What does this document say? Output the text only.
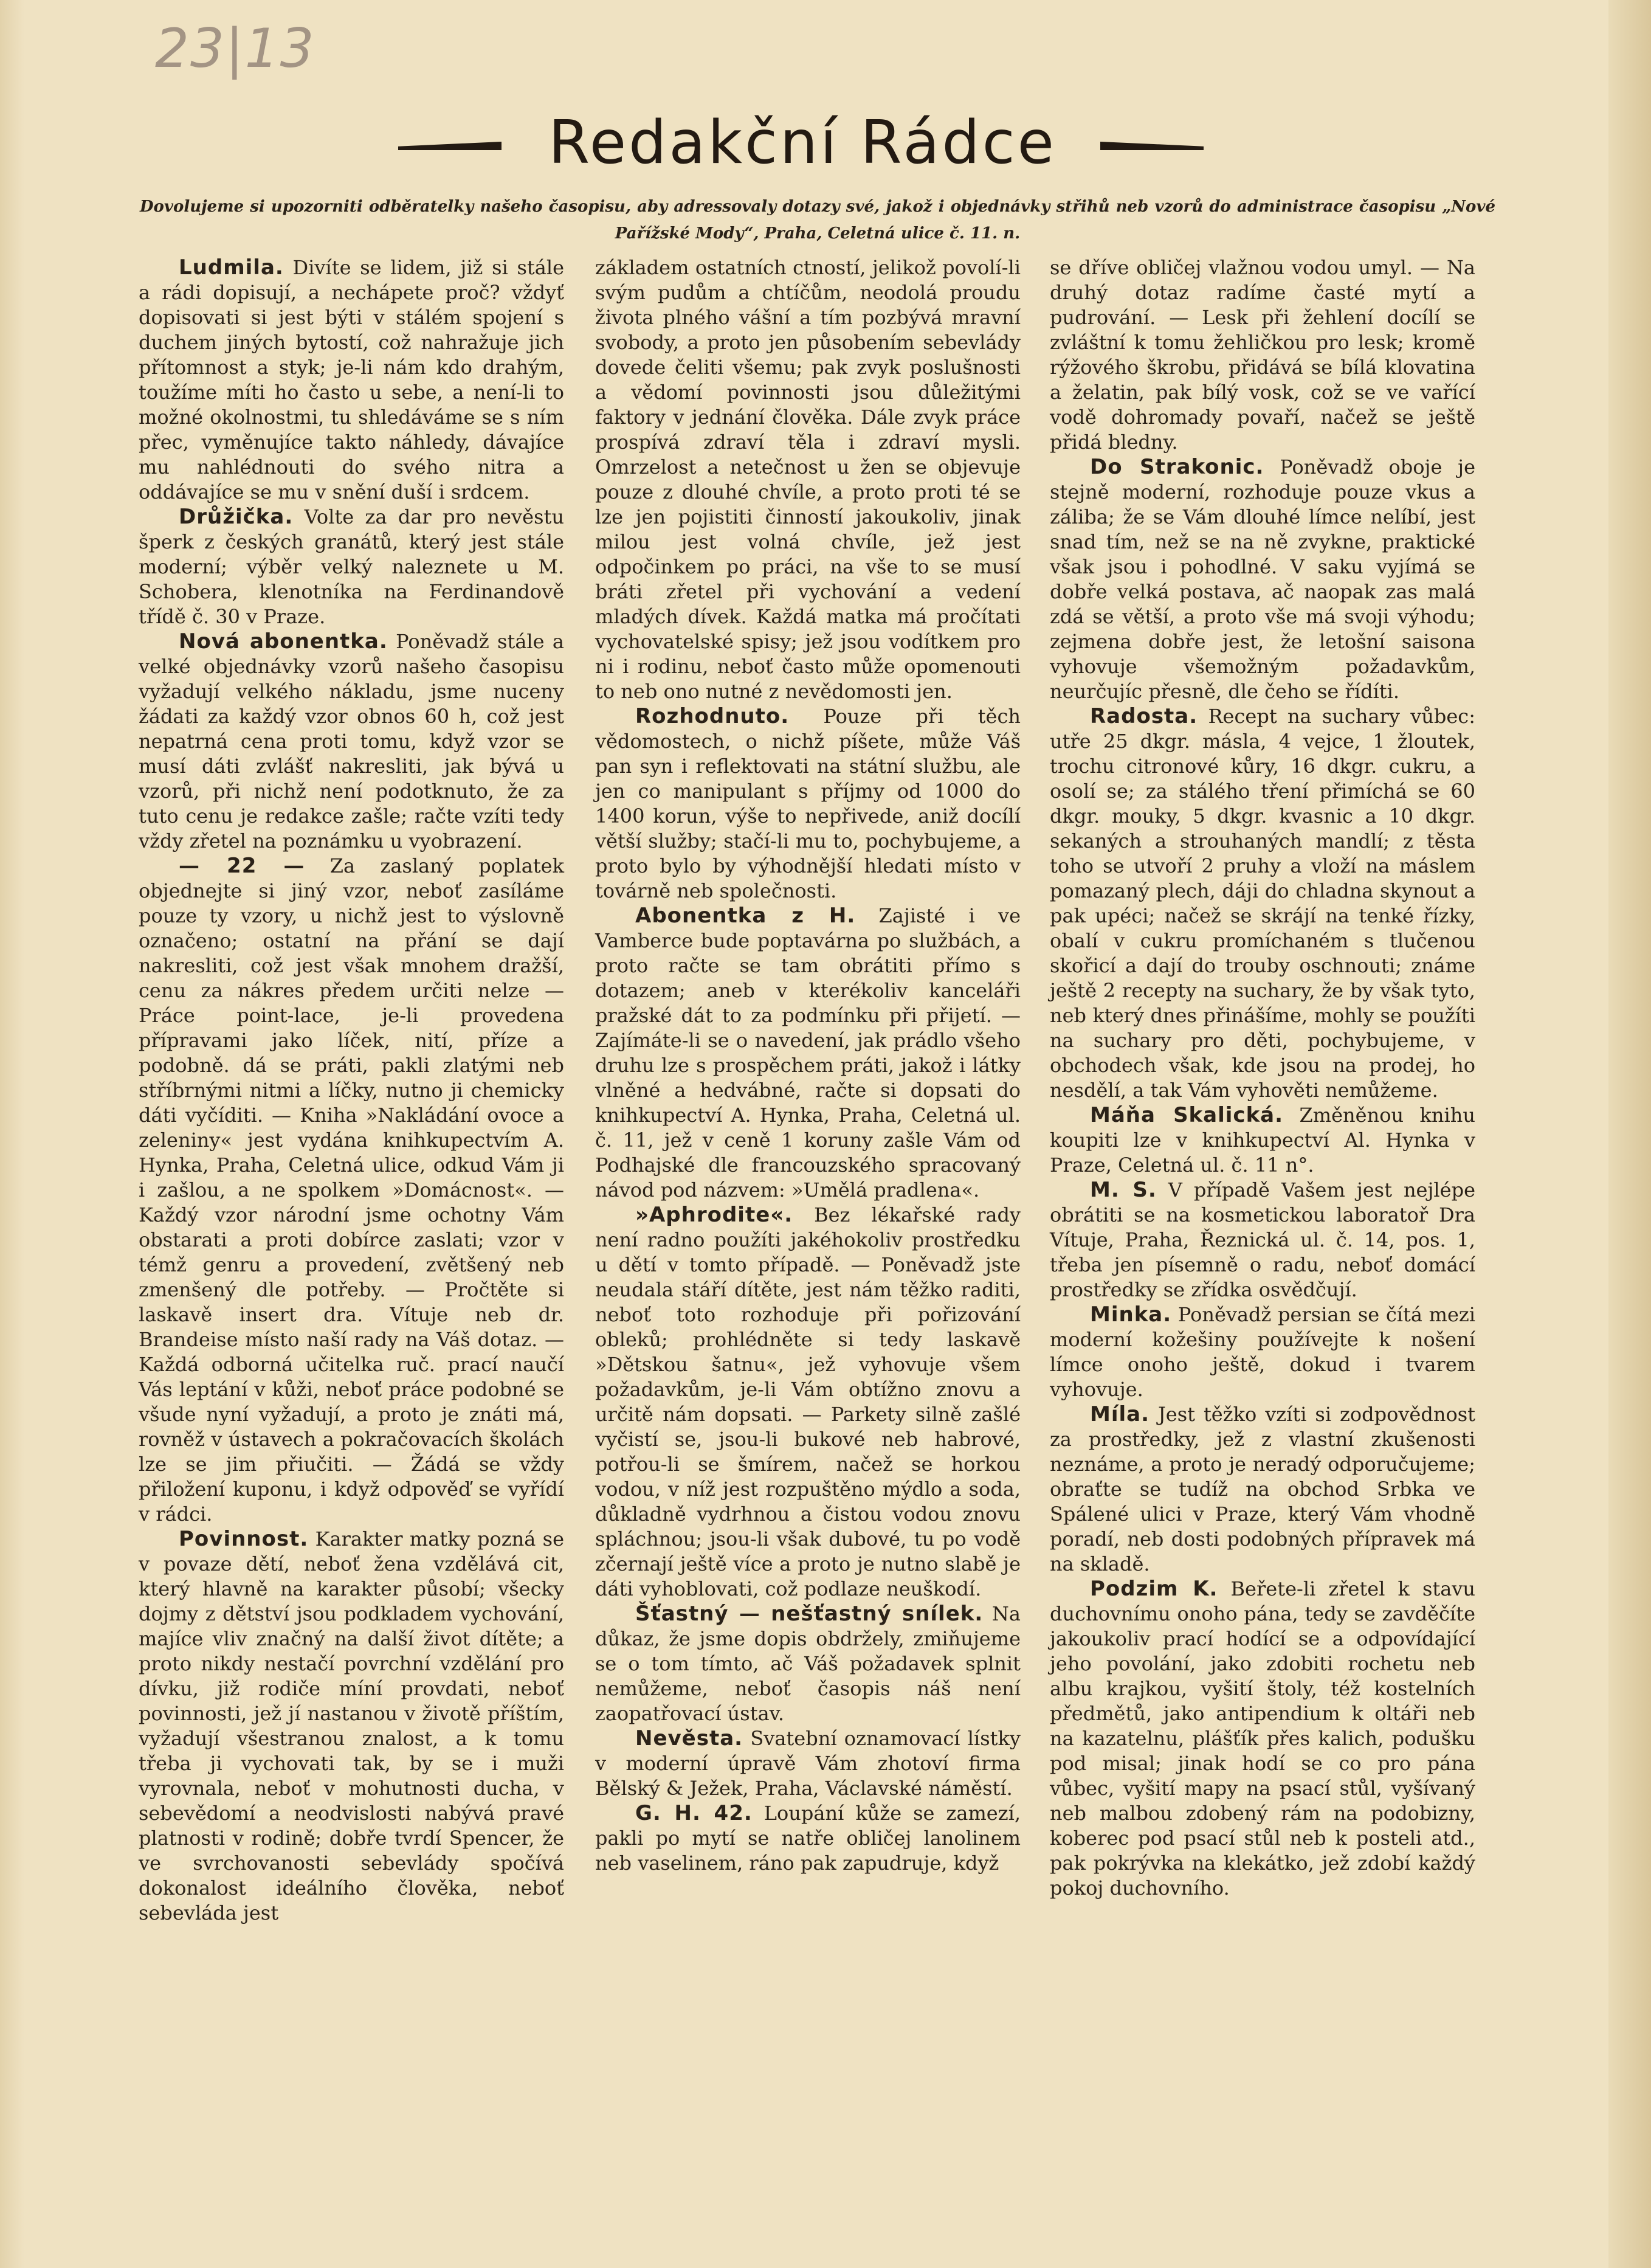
23|13
Redakční Rádce
Dovolujeme si upozorniti odběratelky našeho časopisu, aby adressovaly dotazy své, jakož i objednávky střihů neb vzorů do administrace časopisu „Nové Pařížské Mody“, Praha, Celetná ulice č. 11. n.

Ludmila. Divíte se lidem, již si stále a rádi dopisují, a nechápete proč? vždyť dopisovati si jest býti v stálém spojení s duchem jiných bytostí, což nahražuje jich přítomnost a styk; je-li nám kdo drahým, toužíme míti ho často u sebe, a není-li to možné okolnostmi, tu shledáváme se s ním přec, vyměnujíce takto náhledy, dávajíce mu nahlédnouti do svého nitra a oddávajíce se mu v snění duší i srdcem.

Drůžička. Volte za dar pro nevěstu šperk z českých granátů, který jest stále moderní; výběr velký naleznete u M. Schobera, klenotníka na Ferdinandově třídě č. 30 v Praze.

Nová abonentka. Poněvadž stále a velké objednávky vzorů našeho časopisu vyžadují velkého nákladu, jsme nuceny žádati za každý vzor obnos 60 h, což jest nepatrná cena proti tomu, když vzor se musí dáti zvlášť nakresliti, jak bývá u vzorů, při nichž není podotknuto, že za tuto cenu je redakce zašle; račte vzíti tedy vždy zřetel na poznámku u vyobrazení.

— 22 — Za zaslaný poplatek objednejte si jiný vzor, neboť zasíláme pouze ty vzory, u nichž jest to výslovně označeno; ostatní na přání se dají nakresliti, což jest však mnohem dražší, cenu za nákres předem určiti nelze — Práce point-lace, je-li provedena přípravami jako líček, nití, příze a podobně. dá se práti, pakli zlatými neb stříbrnými nitmi a líčky, nutno ji chemicky dáti vyčíditi. — Kniha »Nakládání ovoce a zeleniny« jest vydána knihkupectvím A. Hynka, Praha, Celetná ulice, odkud Vám ji i zašlou, a ne spolkem »Domácnost«. — Každý vzor národní jsme ochotny Vám obstarati a proti dobírce zaslati; vzor v témž genru a provedení, zvětšený neb zmenšený dle potřeby. — Pročtěte si laskavě insert dra. Vítuje neb dr. Brandeise místo naší rady na Váš dotaz. — Každá odborná učitelka ruč. prací naučí Vás leptání v kůži, neboť práce podobné se všude nyní vyžadují, a proto je znáti má, rovněž v ústavech a pokračovacích školách lze se jim přiučiti. — Žádá se vždy přiložení kuponu, i když odpověď se vyřídí v rádci.

Povinnost. Karakter matky pozná se v povaze dětí, neboť žena vzdělává cit, který hlavně na karakter působí; všecky dojmy z dětství jsou podkladem vychování, majíce vliv značný na další život dítěte; a proto nikdy nestačí povrchní vzdělání pro dívku, již rodiče míní provdati, neboť povinnosti, jež jí nastanou v životě příštím, vyžadují všestranou znalost, a k tomu třeba ji vychovati tak, by se i muži vyrovnala, neboť v mohutnosti ducha, v sebevědomí a neodvislosti nabývá pravé platnosti v rodině; dobře tvrdí Spencer, že ve svrchovanosti sebevlády spočívá dokonalost ideálního člověka, neboť sebevláda jest

základem ostatních ctností, jelikož povolí-li svým pudům a chtíčům, neodolá proudu života plného vášní a tím pozbývá mravní svobody, a proto jen působením sebevlády dovede čeliti všemu; pak zvyk poslušnosti a vědomí povinnosti jsou důležitými faktory v jednání člověka. Dále zvyk práce prospívá zdraví těla i zdraví mysli. Omrzelost a netečnost u žen se objevuje pouze z dlouhé chvíle, a proto proti té se lze jen pojistiti činností jakoukoliv, jinak milou jest volná chvíle, jež jest odpočinkem po práci, na vše to se musí bráti zřetel při vychování a vedení mladých dívek. Každá matka má pročítati vychovatelské spisy; jež jsou vodítkem pro ni i rodinu, neboť často může opomenouti to neb ono nutné z nevědomosti jen.

Rozhodnuto. Pouze při těch vědomostech, o nichž píšete, může Váš pan syn i reflektovati na státní službu, ale jen co manipulant s příjmy od 1000 do 1400 korun, výše to nepřivede, aniž docílí větší služby; stačí-li mu to, pochybujeme, a proto bylo by výhodnější hledati místo v továrně neb společnosti.

Abonentka z H. Zajisté i ve Vamberce bude poptavárna po službách, a proto račte se tam obrátiti přímo s dotazem; aneb v kterékoliv kanceláři pražské dát to za podmínku při přijetí. — Zajímáte-li se o navedení, jak prádlo všeho druhu lze s prospěchem práti, jakož i látky vlněné a hedvábné, račte si dopsati do knihkupectví A. Hynka, Praha, Celetná ul. č. 11, jež v ceně 1 koruny zašle Vám od Podhajské dle francouzského spracovaný návod pod názvem: »Umělá pradlena«.

»Aphrodite«. Bez lékařské rady není radno použíti jakéhokoliv prostředku u dětí v tomto případě. — Poněvadž jste neudala stáří dítěte, jest nám těžko raditi, neboť toto rozhoduje při pořizování obleků; prohlédněte si tedy laskavě »Dětskou šatnu«, jež vyhovuje všem požadavkům, je-li Vám obtížno znovu a určitě nám dopsati. — Parkety silně zašlé vyčistí se, jsou-li bukové neb habrové, potřou-li se šmírem, načež se horkou vodou, v níž jest rozpuštěno mýdlo a soda, důkladně vydrhnou a čistou vodou znovu spláchnou; jsou-li však dubové, tu po vodě zčernají ještě více a proto je nutno slabě je dáti vyhoblovati, což podlaze neuškodí.

Šťastný — nešťastný snílek. Na důkaz, že jsme dopis obdržely, zmiňujeme se o tom tímto, ač Váš požadavek splnit nemůžeme, neboť časopis náš není zaopatřovací ústav.

Nevěsta. Svatební oznamovací lístky v moderní úpravě Vám zhotoví firma Bělský & Ježek, Praha, Václavské náměstí.

G. H. 42. Loupání kůže se zamezí, pakli po mytí se natře obličej lanolinem neb vaselinem, ráno pak zapudruje, když

se dříve obličej vlažnou vodou umyl. — Na druhý dotaz radíme časté mytí a pudrování. — Lesk při žehlení docílí se zvláštní k tomu žehličkou pro lesk; kromě rýžového škrobu, přidává se bílá klovatina a želatin, pak bílý vosk, což se ve vařící vodě dohromady povaří, načež se ještě přidá bledny.

Do Strakonic. Poněvadž oboje je stejně moderní, rozhoduje pouze vkus a záliba; že se Vám dlouhé límce nelíbí, jest snad tím, než se na ně zvykne, praktické však jsou i pohodlné. V saku vyjímá se dobře velká postava, ač naopak zas malá zdá se větší, a proto vše má svoji výhodu; zejmena dobře jest, že letošní saisona vyhovuje všemožným požadavkům, neurčujíc přesně, dle čeho se řídíti.

Radosta. Recept na suchary vůbec: utře 25 dkgr. másla, 4 vejce, 1 žloutek, trochu citronové kůry, 16 dkgr. cukru, a osolí se; za stálého tření přimíchá se 60 dkgr. mouky, 5 dkgr. kvasnic a 10 dkgr. sekaných a strouhaných mandlí; z těsta toho se utvoří 2 pruhy a vloží na máslem pomazaný plech, dáji do chladna skynout a pak upéci; načež se skrájí na tenké řízky, obalí v cukru promíchaném s tlučenou skořicí a dají do trouby oschnouti; známe ještě 2 recepty na suchary, že by však tyto, neb který dnes přinášíme, mohly se použíti na suchary pro děti, pochybujeme, v obchodech však, kde jsou na prodej, ho nesdělí, a tak Vám vyhověti nemůžeme.

Máňa Skalická. Změněnou knihu koupiti lze v knihkupectví Al. Hynka v Praze, Celetná ul. č. 11 n°.

M. S. V případě Vašem jest nejlépe obrátiti se na kosmetickou laboratoř Dra Vítuje, Praha, Řeznická ul. č. 14, pos. 1, třeba jen písemně o radu, neboť domácí prostředky se zřídka osvědčují.

Minka. Poněvadž persian se čítá mezi moderní kožešiny používejte k nošení límce onoho ještě, dokud i tvarem vyhovuje.

Míla. Jest těžko vzíti si zodpovědnost za prostředky, jež z vlastní zkušenosti neznáme, a proto je neradý odporučujeme; obraťte se tudíž na obchod Srbka ve Spálené ulici v Praze, který Vám vhodně poradí, neb dosti podobných přípravek má na skladě.

Podzim K. Beřete-li zřetel k stavu duchovnímu onoho pána, tedy se zavděčíte jakoukoliv prací hodící se a odpovídající jeho povolání, jako zdobiti rochetu neb albu krajkou, vyšití štoly, též kostelních předmětů, jako antipendium k oltáři neb na kazatelnu, plášťík přes kalich, podušku pod misal; jinak hodí se co pro pána vůbec, vyšití mapy na psací stůl, vyšívaný neb malbou zdobený rám na podobizny, koberec pod psací stůl neb k posteli atd., pak pokrývka na klekátko, jež zdobí každý pokoj duchovního.
